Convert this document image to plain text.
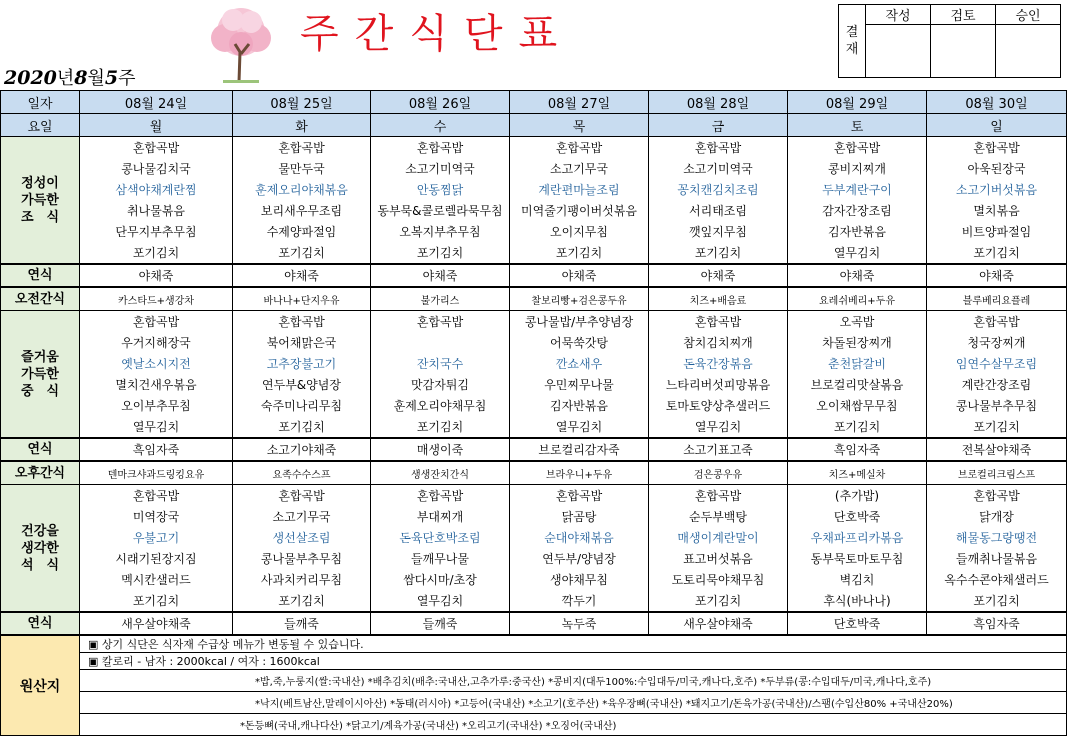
주간식단표
2020년8월5주
결
재	작성	검토	승인

일자	08월 24일	08월 25일	08월 26일	08월 27일	08월 28일	08월 29일	08월 30일
요일	월	화	수	목	금	토	일
정성이
가득한
조　식	혼합곡밥	혼합곡밥	혼합곡밥	혼합곡밥	혼합곡밥	혼합곡밥	혼합곡밥
	콩나물김치국	물만두국	소고기미역국	소고기무국	소고기미역국	콩비지찌개	아욱된장국
	삼색야채계란찜	훈제오리야채볶음	안동찜닭	계란편마늘조림	꽁치캔김치조림	두부계란구이	소고기버섯볶음
	취나물볶음	보리새우무조림	동부묵&콜로렐라묵무침	미역줄기팽이버섯볶음	서리태조림	감자간장조림	멸치볶음
	단무지부추무침	수제양파절임	오복지부추무침	오이지무침	깻잎지무침	김자반볶음	비트양파절임
	포기김치	포기김치	포기김치	포기김치	포기김치	열무김치	포기김치
연식	야채죽	야채죽	야채죽	야채죽	야채죽	야채죽	야채죽
오전간식	카스타드+생강차	바나나+단지우유	불가리스	찰보리빵+검은콩두유	치즈+배음료	요레쉬베리+두유	블루베리요플레
즐거움
가득한
중　식	혼합곡밥	혼합곡밥	혼합곡밥	콩나물밥/부추양념장	혼합곡밥	오곡밥	혼합곡밥
	우거지해장국	북어채맑은국		어묵쑥갓탕	참치김치찌개	차돌된장찌개	청국장찌개
	옛날소시지전	고추장불고기	잔치국수	깐쇼새우	돈육간장볶음	춘천닭갈비	임연수살무조림
	멸치건새우볶음	연두부&양념장	맛감자튀김	우민찌무나물	느타리버섯피망볶음	브로컬리맛살볶음	계란간장조림
	오이부추무침	숙주미나리무침	훈제오리야채무침	김자반볶음	토마토양상추샐러드	오이채쌈무무침	콩나물부추무침
	열무김치	포기김치	포기김치	열무김치	열무김치	포기김치	포기김치
연식	흑임자죽	소고기야채죽	매생이죽	브로컬리감자죽	소고기표고죽	흑임자죽	전복살야채죽
오후간식	덴마크샤과드링킹요유	요족수수스프	생생잔치간식	브라우니+두유	검은콩우유	치즈+메실차	브로컬리크림스프
건강을
생각한
석　식	혼합곡밥	혼합곡밥	혼합곡밥	혼합곡밥	혼합곡밥	(추가밥)	혼합곡밥
	미역장국	소고기무국	부대찌개	닭곰탕	순두부백탕	단호박죽	닭개장
	우불고기	생선살조림	돈육단호박조림	순대야채볶음	매생이계란말이	우채파프리카볶음	해물동그랑땡전
	시래기된장지짐	콩나물부추무침	들깨무나물	연두부/양념장	표고버섯볶음	동부묵토마토무침	들깨취나물볶음
	멕시칸샐러드	사과치커리무침	쌈다시마/초장	생야채무침	도토리묵야채무침	벽김치	옥수수콘야채샐러드
	포기김치	포기김치	열무김치	깍두기	포기김치	후식(바나나)	포기김치
연식	새우살야채죽	들깨죽	들깨죽	녹두죽	새우살야채죽	단호박죽	흑임자죽
원산지	▣ 상기 식단은 식자재 수급상 메뉴가 변동될 수 있습니다.						
	▣ 칼로리 - 남자 : 2000kcal / 여자 : 1600kcal						
	*밥,죽,누룽지(쌀:국내산) *배추김치(배추:국내산,고추가루:중국산) *콩비지(대두100%:수입대두/미국,캐나다,호주) *두부류(콩:수입대두/미국,캐나다,호주)						
	*낙지(베트남산,말레이시아산) *동태(러시아) *고등어(국내산) *소고기(호주산) *육우장뼈(국내산) *돼지고기/돈육가공(국내산)/스팸(수입산80% +국내산20%)						
	*돈등뼈(국내,캐나다산) *닭고기/계육가공(국내산) *오리고기(국내산) *오징어(국내산)						
